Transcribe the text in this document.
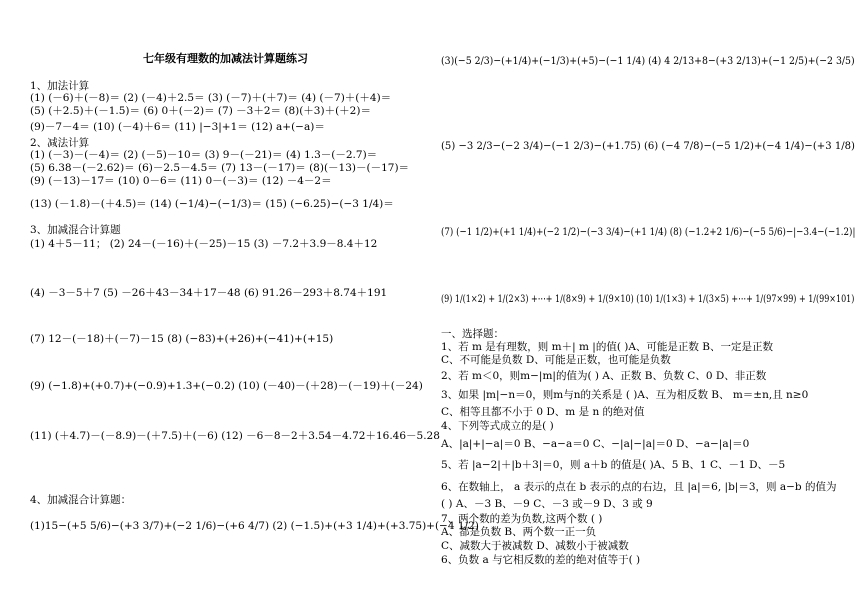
七年级有理数的加减法计算题练习
1、加法计算
(1) (－6)＋(－8)＝ (2) (－4)＋2.5＝ (3) (－7)＋(＋7)＝ (4) (－7)＋(＋4)＝
(5) (＋2.5)＋(－1.5)＝ (6) 0＋(－2)＝ (7) －3＋2＝ (8)(＋3)＋(＋2)＝
(9)－7－4＝ (10) (－4)＋6＝ (11) |−3|+1＝ (12) a+(−a)＝
2、减法计算
(1) (－3)－(－4)＝ (2) (－5)－10＝ (3) 9－(－21)＝ (4) 1.3－(－2.7)＝
(5) 6.38－(－2.62)＝ (6)－2.5－4.5＝ (7) 13－(－17)＝ (8)(－13)－(－17)＝
(9) (－13)－17＝ (10) 0－6＝ (11) 0－(－3)＝ (12) －4－2＝
(13) (－1.8)－(＋4.5)＝ (14) (−1/4)−(−1/3)＝ (15) (−6.25)−(−3 1/4)＝
3、加减混合计算题
(1) 4＋5－11； (2) 24－(－16)＋(－25)－15 (3) －7.2＋3.9－8.4＋12
(4) －3－5＋7 (5) －26＋43－34＋17－48 (6) 91.26－293＋8.74＋191
(7) 12－(－18)＋(－7)－15 (8) (−83)+(+26)+(−41)+(+15)
(9) (−1.8)+(+0.7)+(−0.9)+1.3+(−0.2) (10) (－40)－(＋28)－(－19)＋(－24)
(11) (＋4.7)－(－8.9)－(＋7.5)＋(－6) (12) －6－8－2＋3.54－4.72＋16.46－5.28
4、加减混合计算题：
(1)15−(+5 5/6)−(+3 3/7)+(−2 1/6)−(+6 4/7) (2) (−1.5)+(+3 1/4)+(+3.75)+(−4 1/2)
(3)(−5 2/3)−(+1/4)+(−1/3)+(+5)−(−1 1/4) (4) 4 2/13+8−(+3 2/13)+(−1 2/5)+(−2 3/5)
(5) −3 2/3−(−2 3/4)−(−1 2/3)−(+1.75) (6) (−4 7/8)−(−5 1/2)+(−4 1/4)−(+3 1/8)
(7) (−1 1/2)+(+1 1/4)+(−2 1/2)−(−3 3/4)−(+1 1/4) (8) (−1.2+2 1/6)−(−5 5/6)−|−3.4−(−1.2)|
(9) 1/(1×2) + 1/(2×3) +⋯+ 1/(8×9) + 1/(9×10) (10) 1/(1×3) + 1/(3×5) +⋯+ 1/(97×99) + 1/(99×101)
一、选择题：
1、若 m 是有理数，则 m＋| m |的值( )A、可能是正数 B、一定是正数
C、不可能是负数 D、可能是正数，也可能是负数
2、若 m＜0，则m−|m|的值为( ) A、正数 B、负数 C、0 D、非正数
3、如果 |m|−n＝0，则m与n的关系是 ( )A、互为相反数 B、 m＝±n,且 n≥0
C、相等且都不小于 0 D、m 是 n 的绝对值
4、下列等式成立的是( )
A、|a|+|−a|＝0 B、−a−a＝0 C、−|a|−|a|＝0 D、−a−|a|＝0
5、若 |a−2|＋|b＋3|＝0，则 a＋b 的值是( )A、5 B、1 C、－1 D、－5
6、在数轴上， a 表示的点在 b 表示的点的右边，且 |a|＝6, |b|＝3，则 a−b 的值为
( ) A、－3 B、－9 C、－3 或－9 D、3 或 9
7、两个数的差为负数,这两个数 ( )
A、都是负数 B、两个数一正一负
C、减数大于被减数 D、减数小于被减数
6、负数 a 与它相反数的差的绝对值等于( )
